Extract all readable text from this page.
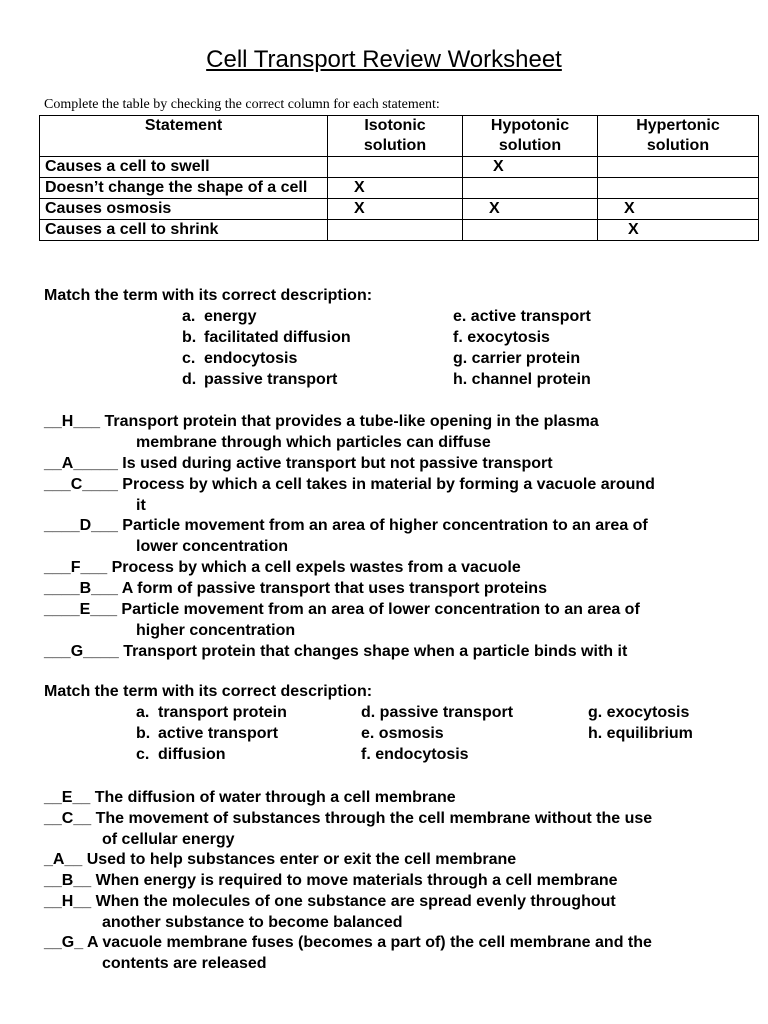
Cell Transport Review Worksheet
Complete the table by checking the correct column for each statement:
Statement	Isotonic solution	Hypotonic solution	Hypertonic solution
Causes a cell to swell		X	
Doesn’t change the shape of a cell	X		
Causes osmosis	X	X	X
Causes a cell to shrink			X
Match the term with its correct description:
a. energy
b. facilitated diffusion
c. endocytosis
d. passive transport
e. active transport
f. exocytosis
g. carrier protein
h. channel protein
__H___ Transport protein that provides a tube-like opening in the plasma
membrane through which particles can diffuse
__A_____ Is used during active transport but not passive transport
___C____ Process by which a cell takes in material by forming a vacuole around
it
____D___ Particle movement from an area of higher concentration to an area of
lower concentration
___F___ Process by which a cell expels wastes from a vacuole
____B___ A form of passive transport that uses transport proteins
____E___ Particle movement from an area of lower concentration to an area of
higher concentration
___G____ Transport protein that changes shape when a particle binds with it
Match the term with its correct description:
a. transport protein
b. active transport
c. diffusion
d. passive transport
e. osmosis
f. endocytosis
g. exocytosis
h. equilibrium
__E__ The diffusion of water through a cell membrane
__C__ The movement of substances through the cell membrane without the use
of cellular energy
_A__ Used to help substances enter or exit the cell membrane
__B__ When energy is required to move materials through a cell membrane
__H__ When the molecules of one substance are spread evenly throughout
another substance to become balanced
__G_ A vacuole membrane fuses (becomes a part of) the cell membrane and the
contents are released
